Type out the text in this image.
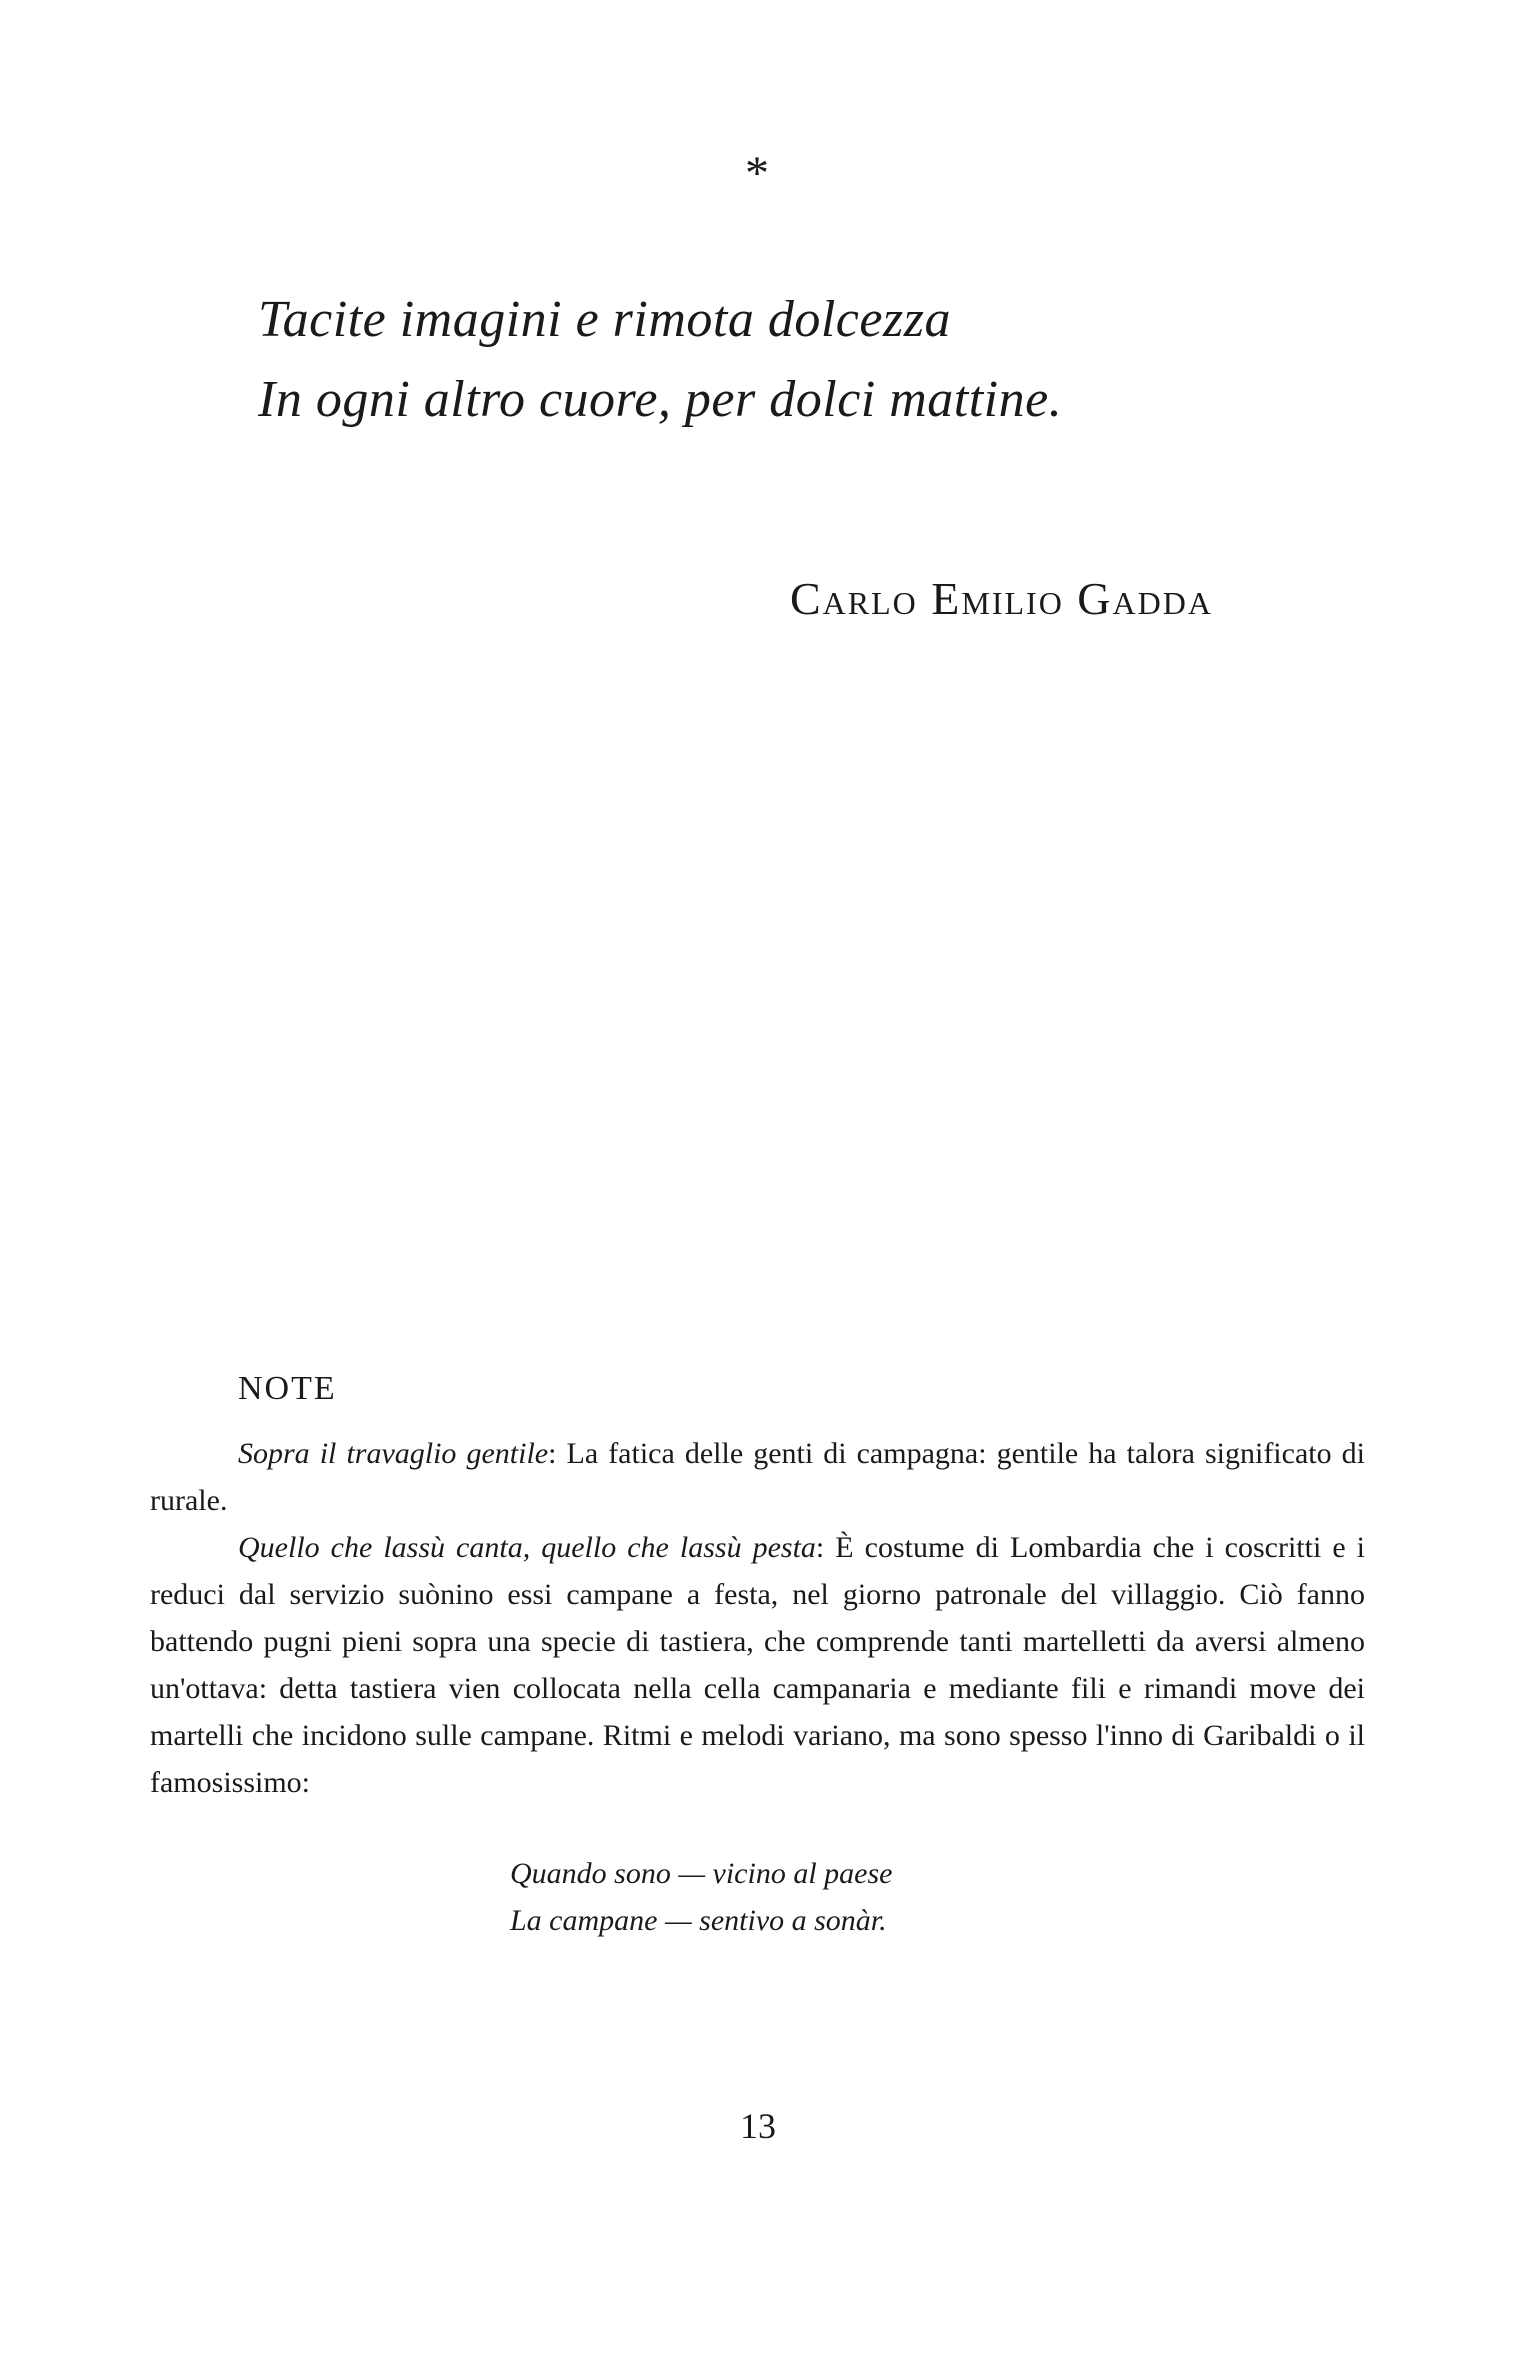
*
Tacite imagini e rimota dolcezza
In ogni altro cuore, per dolci mattine.
Carlo Emilio Gadda
NOTE

Sopra il travaglio gentile: La fatica delle genti di campagna: gentile ha talora significato di rurale.

Quello che lassù canta, quello che lassù pesta: È costume di Lombardia che i coscritti e i reduci dal servizio suònino essi campane a festa, nel giorno patronale del villaggio. Ciò fanno battendo pugni pieni sopra una specie di tastiera, che comprende tanti martelletti da aversi almeno un'ottava: detta tastiera vien collocata nella cella campanaria e mediante fili e rimandi move dei martelli che incidono sulle campane. Ritmi e melodi variano, ma sono spesso l'inno di Garibaldi o il famosissimo:

Quando sono — vicino al paese
La campane — sentivo a sonàr.
13
